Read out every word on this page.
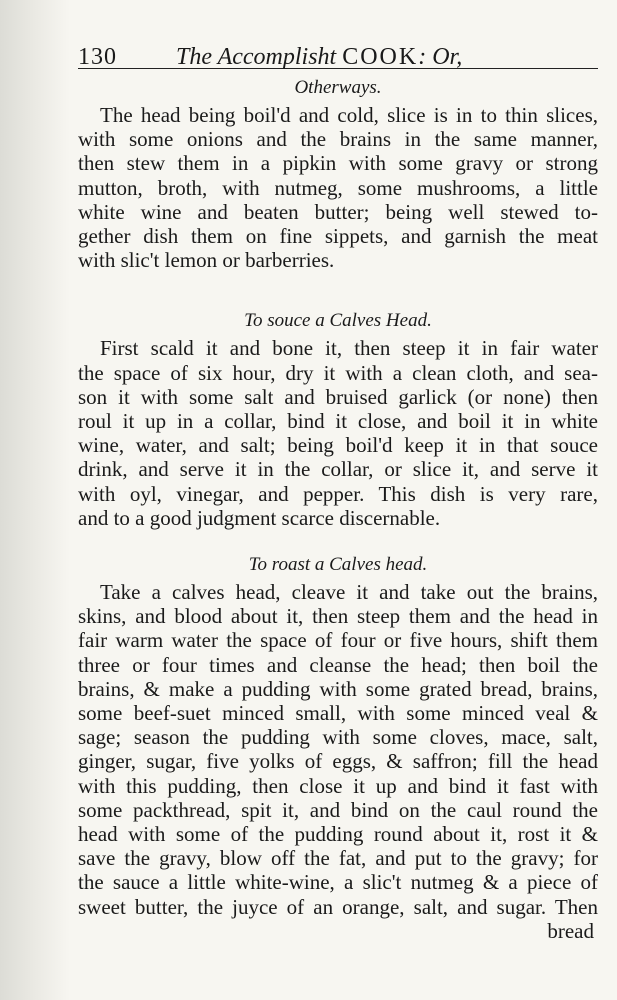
130 The Accomplisht COOK: Or,
Otherways.
The head being boil'd and cold, slice is in to thin slices,
with some onions and the brains in the same manner,
then stew them in a pipkin with some gravy or strong
mutton, broth, with nutmeg, some mushrooms, a little
white wine and beaten butter; being well stewed to-
gether dish them on fine sippets, and garnish the meat
with slic't lemon or barberries.
To souce a Calves Head.
First scald it and bone it, then steep it in fair water
the space of six hour, dry it with a clean cloth, and sea-
son it with some salt and bruised garlick (or none) then
roul it up in a collar, bind it close, and boil it in white
wine, water, and salt; being boil'd keep it in that souce
drink, and serve it in the collar, or slice it, and serve it
with oyl, vinegar, and pepper. This dish is very rare,
and to a good judgment scarce discernable.
To roast a Calves head.
Take a calves head, cleave it and take out the brains,
skins, and blood about it, then steep them and the head in
fair warm water the space of four or five hours, shift them
three or four times and cleanse the head; then boil the
brains, & make a pudding with some grated bread, brains,
some beef-suet minced small, with some minced veal &
sage; season the pudding with some cloves, mace, salt,
ginger, sugar, five yolks of eggs, & saffron; fill the head
with this pudding, then close it up and bind it fast with
some packthread, spit it, and bind on the caul round the
head with some of the pudding round about it, rost it &
save the gravy, blow off the fat, and put to the gravy; for
the sauce a little white-wine, a slic't nutmeg & a piece of
sweet butter, the juyce of an orange, salt, and sugar. Then
bread
